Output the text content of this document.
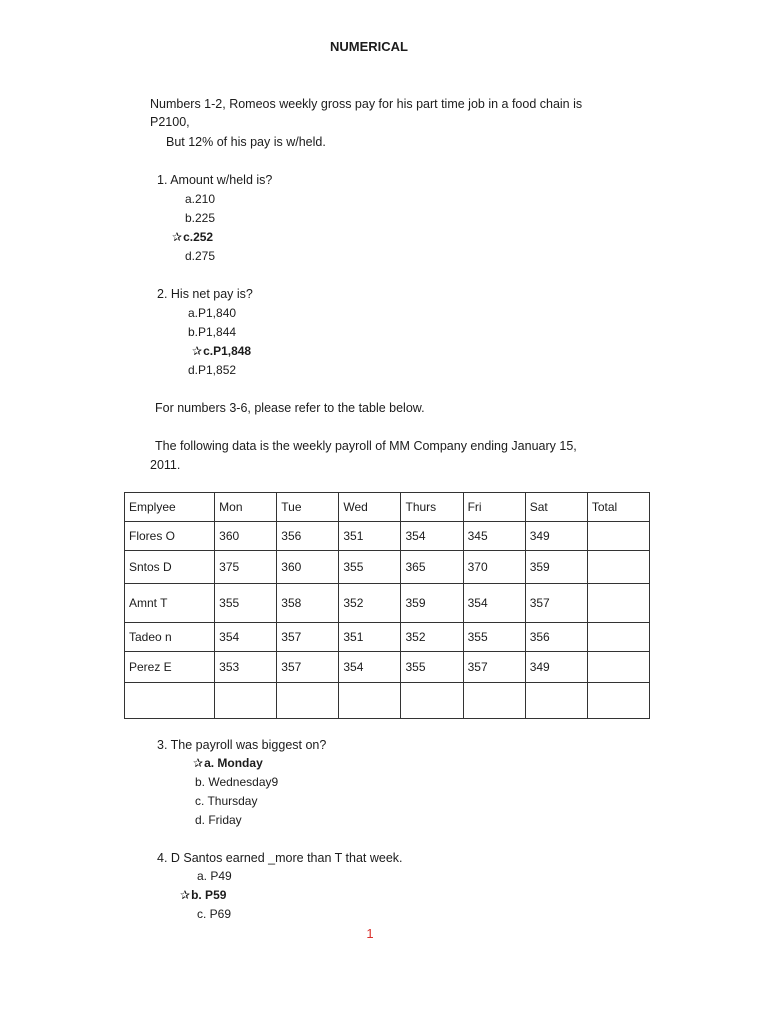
NUMERICAL
Numbers 1-2, Romeos weekly gross pay for his part time job in a food chain is
P2100,
But 12% of his pay is w/held.
1. Amount w/held is?
a.210
b.225
✰c.252
d.275
2. His net pay is?
a.P1,840
b.P1,844
✰c.P1,848
d.P1,852
For numbers 3-6, please refer to the table below.
The following data is the weekly payroll of MM Company ending January 15,
2011.
Emplyee	Mon	Tue	Wed	Thurs	Fri	Sat	Total
Flores O	360	356	351	354	345	349	
Sntos D	375	360	355	365	370	359	
Amnt T	355	358	352	359	354	357	
Tadeo n	354	357	351	352	355	356	
Perez E	353	357	354	355	357	349	

3. The payroll was biggest on?
✰a. Monday
b. Wednesday9
c. Thursday
d. Friday
4. D Santos earned _more than T that week.
a. P49
✰b. P59
c. P69
1
